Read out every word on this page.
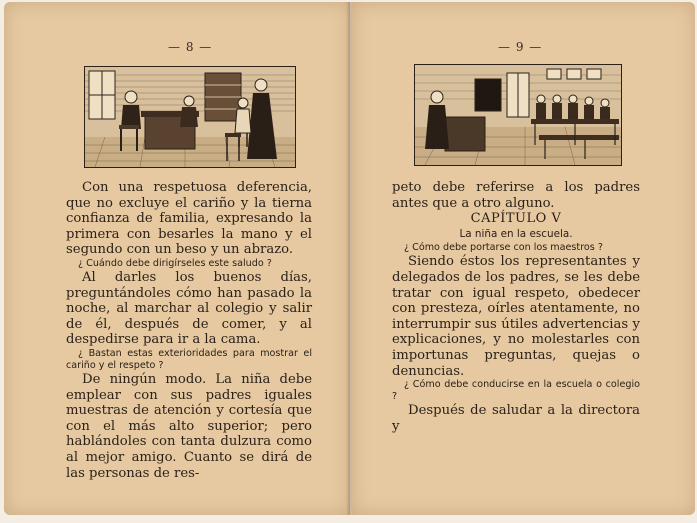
— 8 —

Con una respetuosa deferencia, que no excluye el cariño y la tierna confianza de familia, expresando la primera con besarles la mano y el segundo con un beso y un abrazo.

¿ Cuándo debe dirigírseles este saludo ?

Al darles los buenos días, preguntándoles cómo han pasado la noche, al marchar al colegio y salir de él, después de comer, y al despedirse para ir a la cama.

¿ Bastan estas exterioridades para mostrar el cariño y el respeto ?

De ningún modo. La niña debe emplear con sus padres iguales muestras de atención y cortesía que con el más alto superior; pero hablándoles con tanta dulzura como al mejor amigo. Cuanto se dirá de las personas de res-

— 9 —

peto debe referirse a los padres antes que a otro alguno.

CAPÍTULO V

La niña en la escuela.

¿ Cómo debe portarse con los maestros ?

Siendo éstos los representantes y delegados de los padres, se les debe tratar con igual respeto, obedecer con presteza, oírles atentamente, no interrumpir sus útiles advertencias y explicaciones, y no molestarles con importunas preguntas, quejas o denuncias.

¿ Cómo debe conducirse en la escuela o colegio ?

Después de saludar a la directora y
